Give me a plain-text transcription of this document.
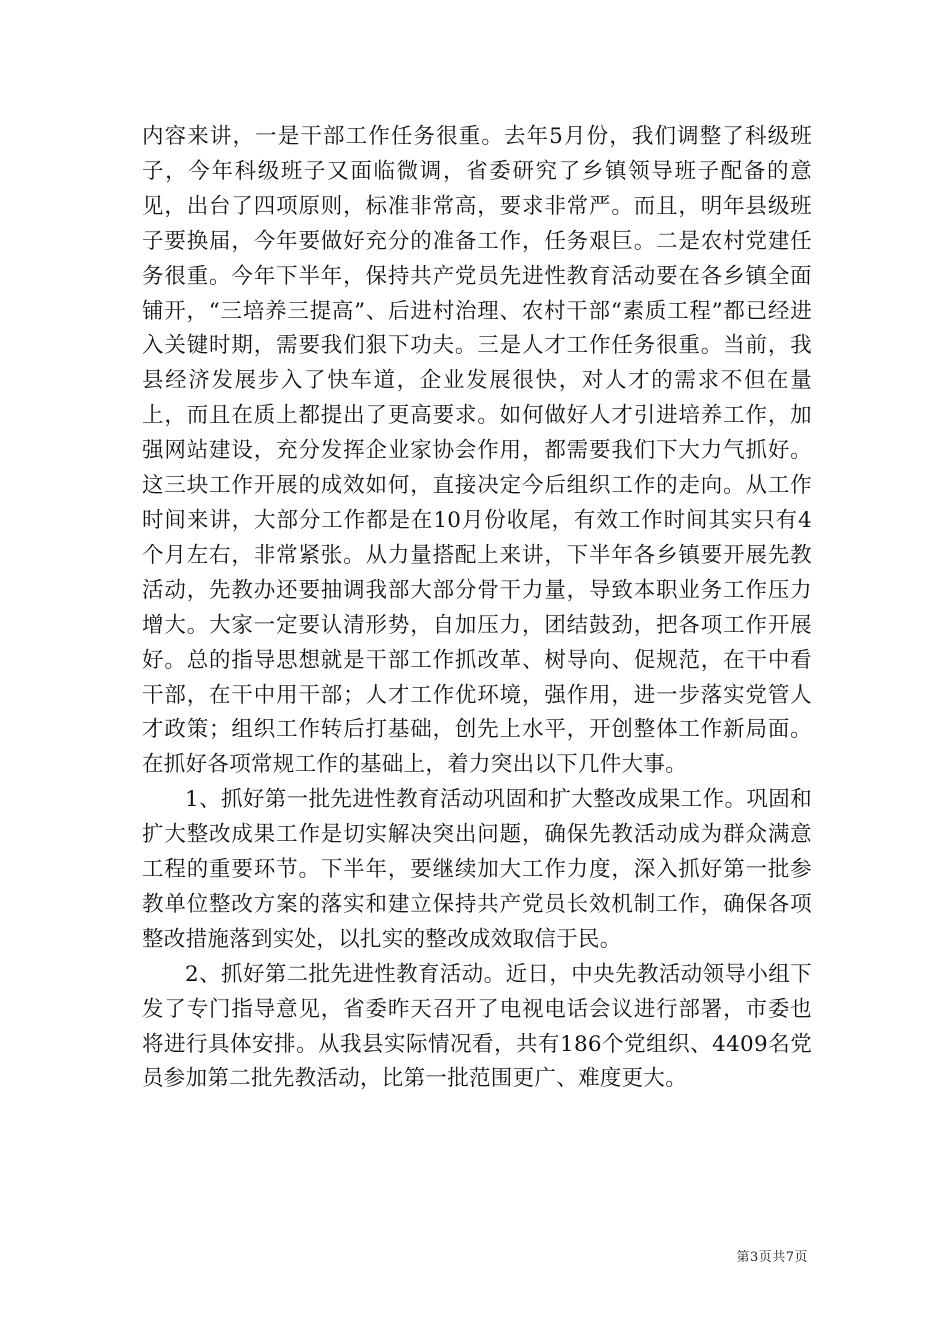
内容来讲，一是干部工作任务很重。去年5月份，我们调整了科级班子，今年科级班子又面临微调，省委研究了乡镇领导班子配备的意见，出台了四项原则，标准非常高，要求非常严。而且，明年县级班子要换届，今年要做好充分的准备工作，任务艰巨。二是农村党建任务很重。今年下半年，保持共产党员先进性教育活动要在各乡镇全面铺开，“三培养三提高”、后进村治理、农村干部“素质工程”都已经进入关键时期，需要我们狠下功夫。三是人才工作任务很重。当前，我县经济发展步入了快车道，企业发展很快，对人才的需求不但在量上，而且在质上都提出了更高要求。如何做好人才引进培养工作，加强网站建设，充分发挥企业家协会作用，都需要我们下大力气抓好。这三块工作开展的成效如何，直接决定今后组织工作的走向。从工作时间来讲，大部分工作都是在10月份收尾，有效工作时间其实只有4个月左右，非常紧张。从力量搭配上来讲，下半年各乡镇要开展先教活动，先教办还要抽调我部大部分骨干力量，导致本职业务工作压力增大。大家一定要认清形势，自加压力，团结鼓劲，把各项工作开展好。总的指导思想就是干部工作抓改革、树导向、促规范，在干中看干部，在干中用干部；人才工作优环境，强作用，进一步落实党管人才政策；组织工作转后打基础，创先上水平，开创整体工作新局面。在抓好各项常规工作的基础上，着力突出以下几件大事。

1、抓好第一批先进性教育活动巩固和扩大整改成果工作。巩固和扩大整改成果工作是切实解决突出问题，确保先教活动成为群众满意工程的重要环节。下半年，要继续加大工作力度，深入抓好第一批参教单位整改方案的落实和建立保持共产党员长效机制工作，确保各项整改措施落到实处，以扎实的整改成效取信于民。

2、抓好第二批先进性教育活动。近日，中央先教活动领导小组下发了专门指导意见，省委昨天召开了电视电话会议进行部署，市委也将进行具体安排。从我县实际情况看，共有186个党组织、4409名党员参加第二批先教活动，比第一批范围更广、难度更大。

第3页共7页
